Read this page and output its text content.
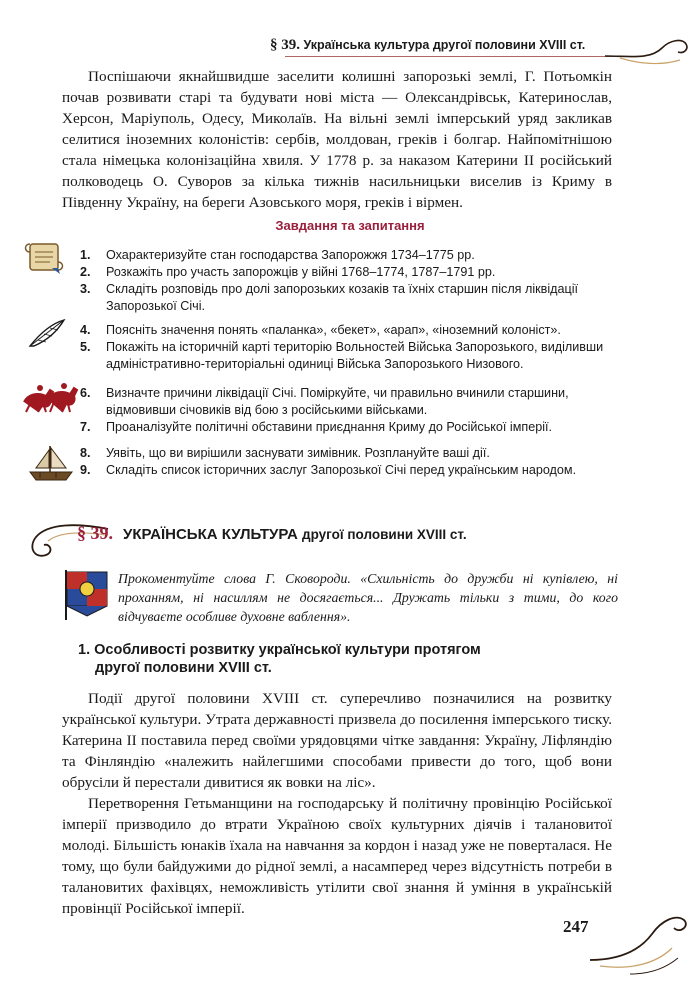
§ 39. Українська культура другої половини XVIII ст.

Поспішаючи якнайшвидше заселити колишні запорозькі землі, Г. Потьомкін почав розвивати старі та будувати нові міста — Олександрівськ, Катеринослав, Херсон, Маріуполь, Одесу, Миколаїв. На вільні землі імперський уряд закликав селитися іноземних колоністів: сербів, молдован, греків і болгар. Найпомітнішою стала німецька колонізаційна хвиля. У 1778 р. за наказом Катерини II російський полководець О. Суворов за кілька тижнів насильницьки виселив із Криму в Південну Україну, на береги Азовського моря, греків і вірмен.

Завдання та запитання
1.	Охарактеризуйте стан господарства Запорожжя 1734–1775 рр.
2.	Розкажіть про участь запорожців у війні 1768–1774, 1787–1791 рр.
3.	Складіть розповідь про долі запорозьких козаків та їхніх старшин після ліквідації Запорозької Січі.
4.	Поясніть значення понять «паланка», «бекет», «арап», «іноземний колоніст».
5.	Покажіть на історичній карті територію Вольностей Війська Запорозького, виділивши адміністративно-територіальні одиниці Війська Запорозького Низового.
6.	Визначте причини ліквідації Січі. Поміркуйте, чи правильно вчинили старшини, відмовивши січовиків від бою з російськими військами.
7.	Проаналізуйте політичні обставини приєднання Криму до Російської імперії.
8.	Уявіть, що ви вирішили заснувати зимівник. Розплануйте ваші дії.
9.	Складіть список історичних заслуг Запорозької Січі перед українським народом.
§ 39. УКРАЇНСЬКА КУЛЬТУРА другої половини XVIII ст.
Прокоментуйте слова Г. Сковороди. «Схильність до дружби ні купівлею, ні проханням, ні насиллям не досягається... Дружать тільки з тими, до кого відчуваєте особливе духовне ваблення».
1. Особливості розвитку української культури протягом
другої половини XVIII ст.

Події другої половини XVIII ст. суперечливо позначилися на розвитку української культури. Утрата державності призвела до посилення імперського тиску. Катерина II поставила перед своїми урядовцями чітке завдання: Україну, Ліфляндію та Фінляндію «належить найлегшими способами привести до того, щоб вони обрусіли й перестали дивитися як вовки на ліс».

Перетворення Гетьманщини на господарську й політичну провінцію Російської імперії призводило до втрати Україною своїх культурних діячів і талановитої молоді. Більшість юнаків їхала на навчання за кордон і назад уже не поверталася. Не тому, що були байдужими до рідної землі, а насамперед через відсутність потреби в талановитих фахівцях, неможливість утілити свої знання й уміння в українській провінції Російської імперії.

247
